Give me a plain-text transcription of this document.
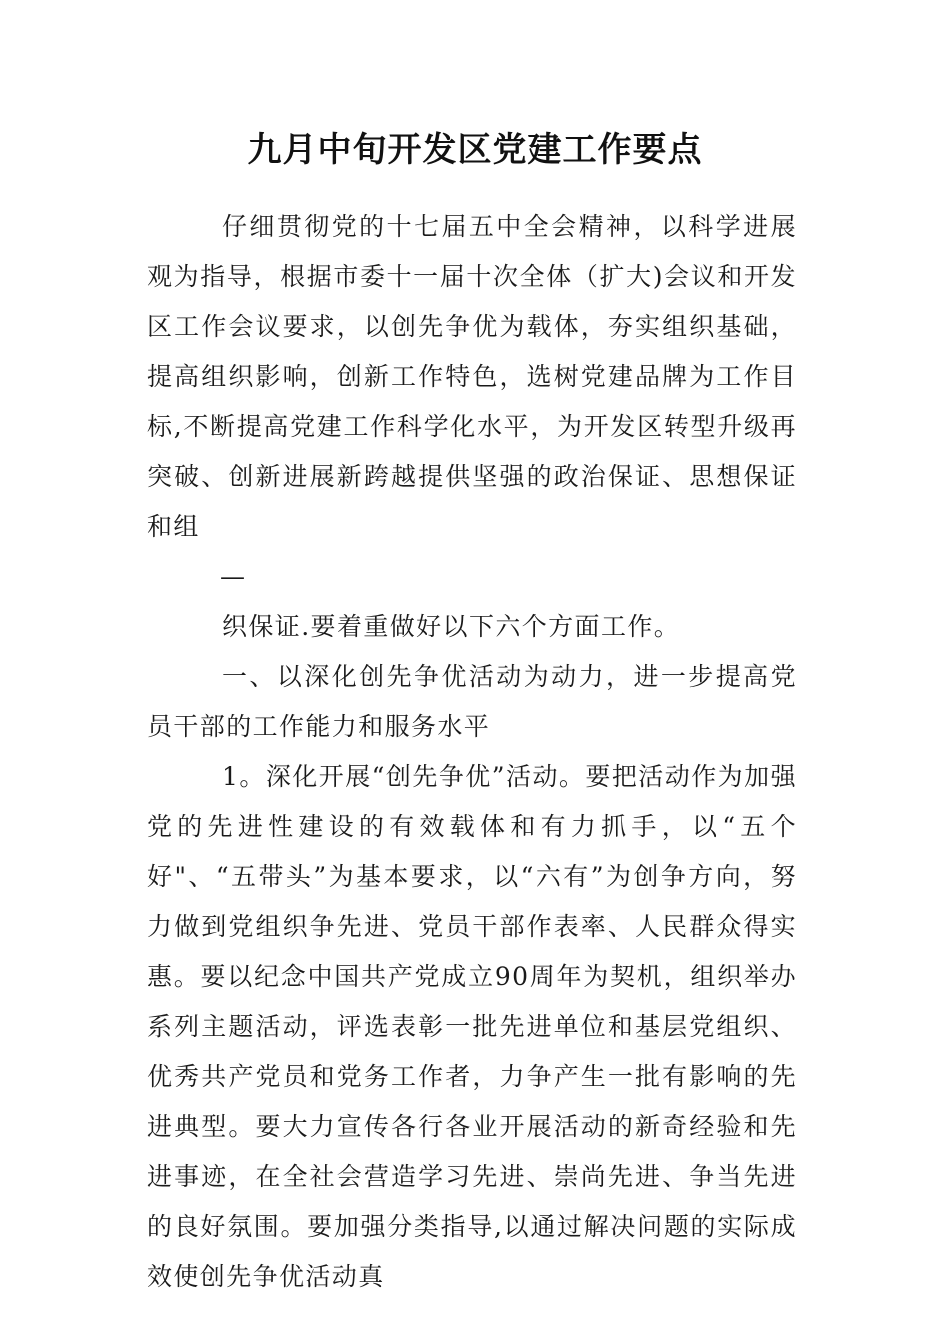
九月中旬开发区党建工作要点

仔细贯彻党的十七届五中全会精神，以科学进展观为指导，根据市委十一届十次全体（扩大)会议和开发区工作会议要求，以创先争优为载体，夯实组织基础，提高组织影响，创新工作特色，选树党建品牌为工作目标,不断提高党建工作科学化水平，为开发区转型升级再突破、创新进展新跨越提供坚强的政治保证、思想保证和组

—

织保证.要着重做好以下六个方面工作。

一、以深化创先争优活动为动力，进一步提高党员干部的工作能力和服务水平

1。深化开展“创先争优”活动。要把活动作为加强党的先进性建设的有效载体和有力抓手，以“五个好"、“五带头”为基本要求，以“六有”为创争方向，努力做到党组织争先进、党员干部作表率、人民群众得实惠。要以纪念中国共产党成立90周年为契机，组织举办系列主题活动，评选表彰一批先进单位和基层党组织、优秀共产党员和党务工作者，力争产生一批有影响的先进典型。要大力宣传各行各业开展活动的新奇经验和先进事迹，在全社会营造学习先进、崇尚先进、争当先进的良好氛围。要加强分类指导,以通过解决问题的实际成效使创先争优活动真
